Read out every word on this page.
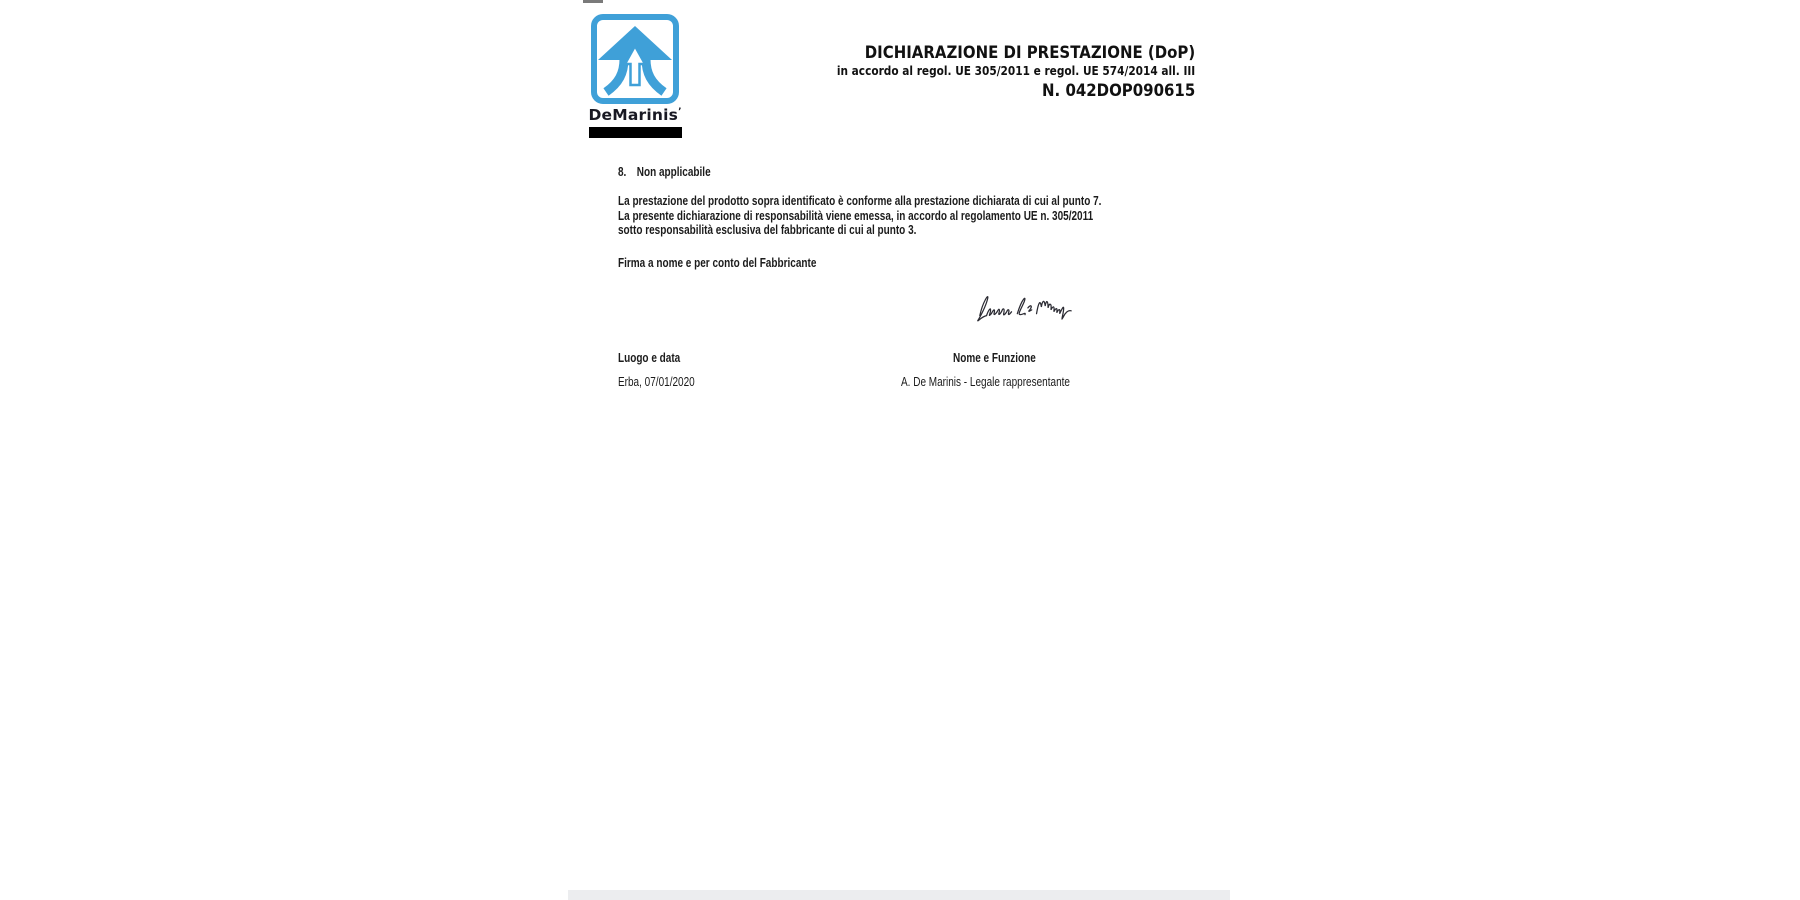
DeMarinis’
DICHIARAZIONE DI PRESTAZIONE (DoP)
in accordo al regol. UE 305/2011 e regol. UE 574/2014 all. III
N. 042DOP090615
8. Non applicabile
La prestazione del prodotto sopra identificato è conforme alla prestazione dichiarata di cui al punto 7.
La presente dichiarazione di responsabilità viene emessa, in accordo al regolamento UE n. 305/2011
sotto responsabilità esclusiva del fabbricante di cui al punto 3.
Firma a nome e per conto del Fabbricante
Luogo e data	Nome e Funzione
Erba, 07/01/2020	A. De Marinis - Legale rappresentante
